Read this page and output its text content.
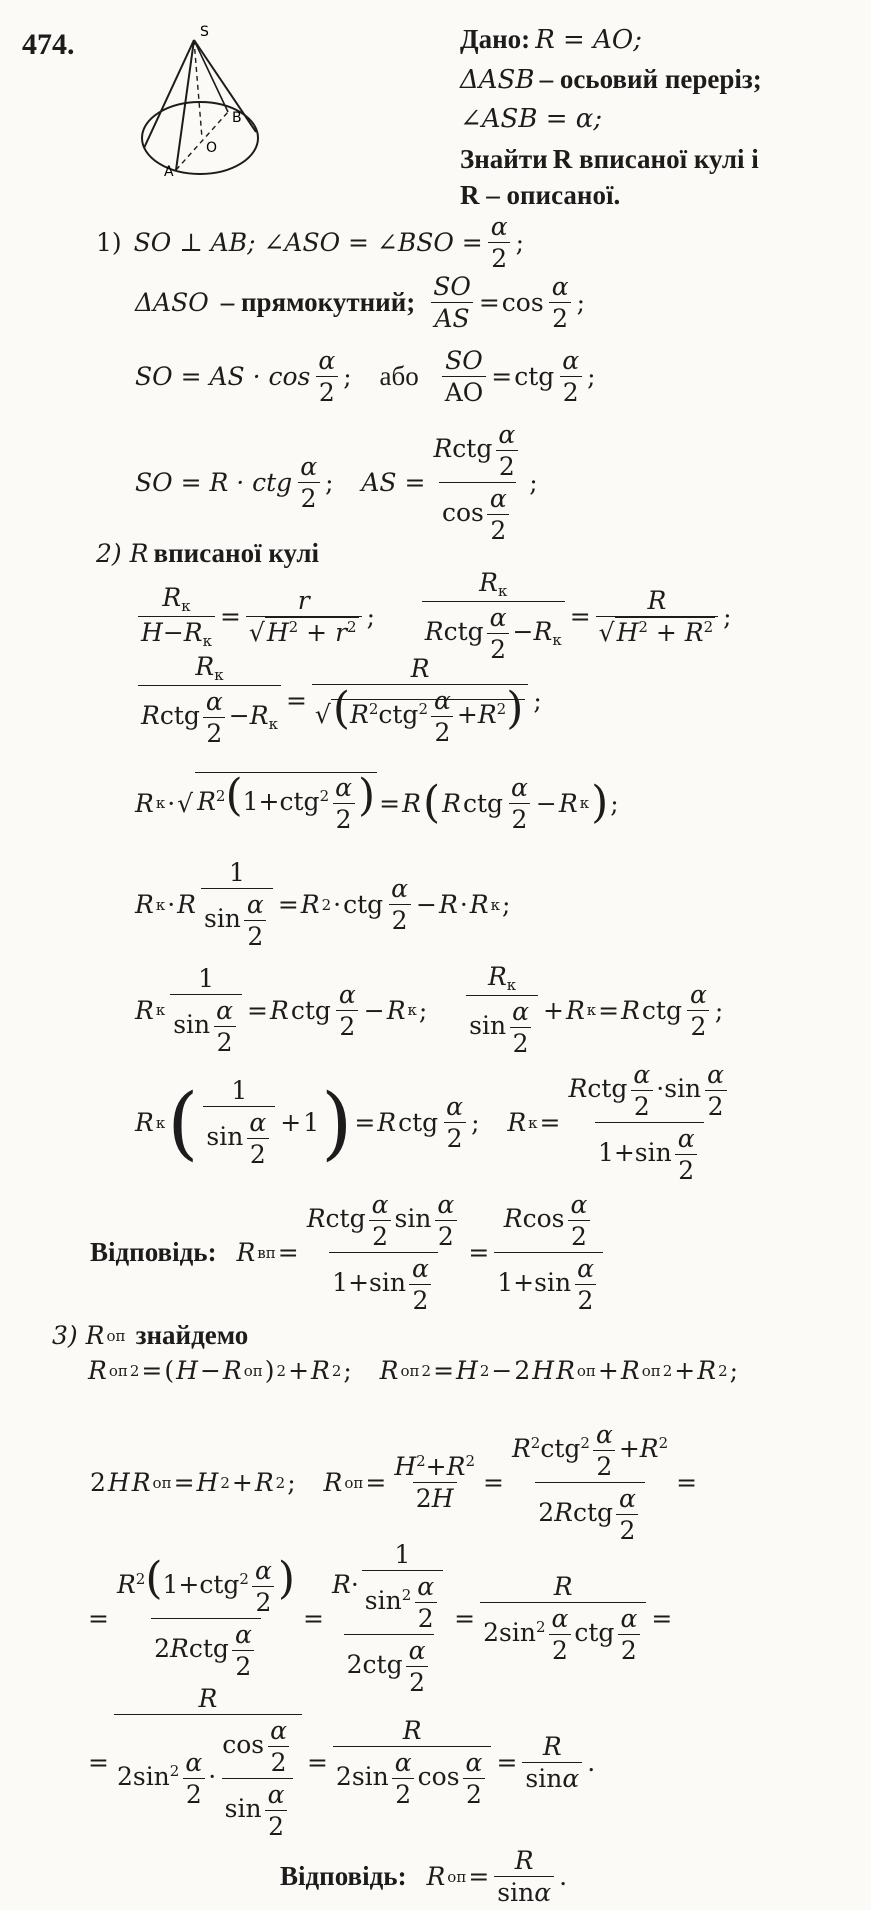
474.	S
O
B
A
Дано: R = AO;
ΔASB – осьовий переріз;
∠ASB = α;
Знайти R вписаної кулі і
R – описаної.
1)
SO ⊥ AB; ∠ASO = ∠BSO = $\frac{\alpha}{2}$ ;
ΔASO
– прямокутний;
$\frac{SO}{AS} = \cos \frac{\alpha}{2}$ ;
SO = AS · $\cos \frac{\alpha}{2}$ ;
або
$\frac{SO}{AO}$ = ctg $\frac{\alpha}{2}$ ;
SO = R · ctg $\frac{\alpha}{2}$ ;
AS = $\frac{Rctg \frac{\alpha}{2}}{\cos \frac{\alpha}{2}}$ ;
2) R вписаної кулі
$\frac{R_к}{H-R_к} = \frac{r}{√H^2 + r^2}$ ;
$\frac{R_к}{Rctg \frac{\alpha}{2} -R_к} = \frac{R}{√H^2 + R^2}$ ;
$\frac{R_к}{Rctg \frac{\alpha}{2} -R_к} = \frac{R}{√(R^2ctg^2 \frac{\alpha}{2} +R^2)}$ ;
R к · √ $R^2(1+ctg^2 \frac{\alpha}{2}$ ) = R ( R ctg $\frac{\alpha}{2} - R$ к ) ;
R к · R $\frac{1}{\sin \frac{\alpha}{2}} = R$ 2 · ctg $\frac{\alpha}{2} - R \cdot R$ к ;
R к $\frac{1}{\sin \frac{\alpha}{2}} = R$ ctg $\frac{\alpha}{2} - R$ к ;
$\frac{R_к}{\sin \frac{\alpha}{2}} + R$ к = R ctg $\frac{\alpha}{2}$ ;
R к ( $\frac{1}{\sin \frac{\alpha}{2}} + 1$ ) = R ctg $\frac{\alpha}{2}$ ;
R $к = \frac{Rctg \frac{\alpha}{2} \cdot\sin \frac{\alpha}{2}}{1+\sin \frac{\alpha}{2}}$
Відповідь:
R вп = $\frac{Rctg \frac{\alpha}{2} \sin \frac{\alpha}{2}}{1+\sin \frac{\alpha}{2}} = \frac{Rcos \frac{\alpha}{2}}{1+\sin \frac{\alpha}{2}}$
3) R оп знайдемо
R оп 2 = ( H − R оп ) 2 + R 2 ;
R оп 2 = H 2 − 2 H R оп + R оп 2 + R 2 ;
2 H R оп = H 2 + R 2 ;
R оп = $\frac{H^2+R^2}{2H} = \frac{R^2ctg^2 \frac{\alpha}{2} +R^2}{2Rctg \frac{\alpha}{2}}$ =
= $\frac{R^2(1+ctg^2 \frac{\alpha}{2} )}{2Rctg \frac{\alpha}{2}} = \frac{R\cdot \frac{1}{\sin^2 \frac{\alpha}{2}}}{2ctg \frac{\alpha}{2}} = \frac{R}{2\sin^2 \frac{\alpha}{2} ctg \frac{\alpha}{2}}$ =
= $\frac{R}{2\sin^2 \frac{\alpha}{2} \cdot \frac{\cos \frac{\alpha}{2}}{\sin \frac{\alpha}{2}}} = \frac{R}{2\sin \frac{\alpha}{2} \cos \frac{\alpha}{2}} = \frac{R}{\sin\alpha}$ .
Відповідь:
R оп = $\frac{R}{\sin\alpha}$ .
